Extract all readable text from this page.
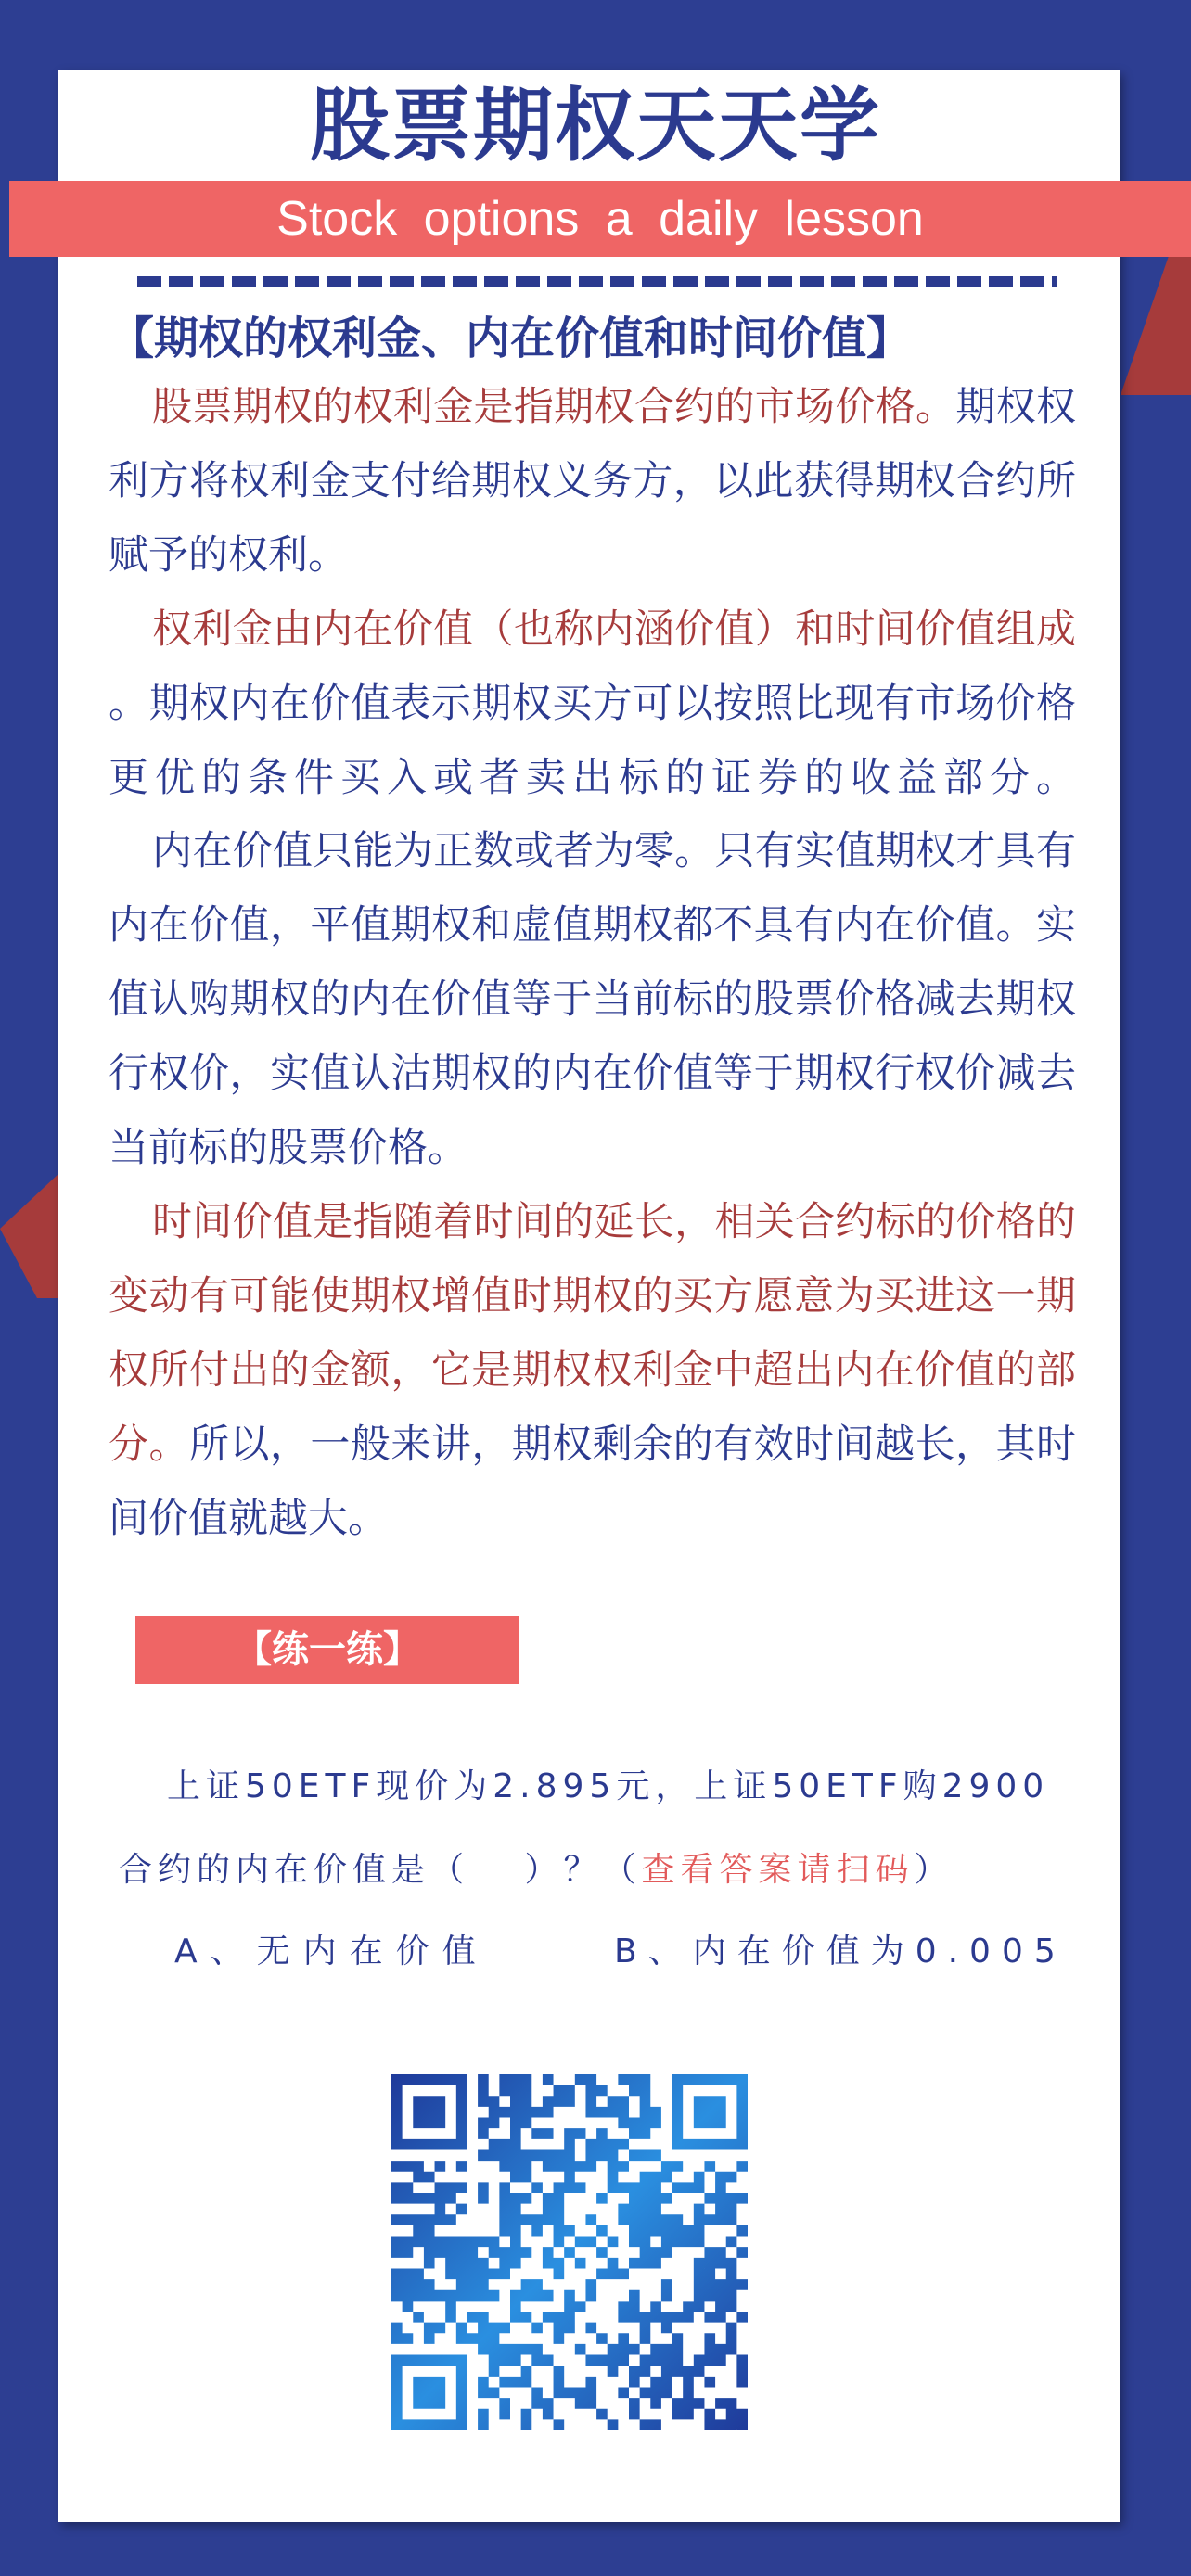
股票期权天天学
Stock options a daily lesson
【期权的权利金、内在价值和时间价值】
股票期权的权利金是指期权合约的市场价格。期权权
利方将权利金支付给期权义务方，以此获得期权合约所
赋予的权利。
权利金由内在价值（也称内涵价值）和时间价值组成
。期权内在价值表示期权买方可以按照比现有市场价格
更优的条件买入或者卖出标的证券的收益部分。
内在价值只能为正数或者为零。只有实值期权才具有
内在价值，平值期权和虚值期权都不具有内在价值。实
值认购期权的内在价值等于当前标的股票价格减去期权
行权价，实值认沽期权的内在价值等于期权行权价减去
当前标的股票价格。
时间价值是指随着时间的延长，相关合约标的价格的
变动有可能使期权增值时期权的买方愿意为买进这一期
权所付出的金额，它是期权权利金中超出内在价值的部
分。所以，一般来讲，期权剩余的有效时间越长，其时
间价值就越大。
【练一练】
上证50ETF现价为2.895元，上证50ETF购2900
合约的内在价值是（　 ）？（查看答案请扫码）
A、无内在价值	B、内在价值为0.005
